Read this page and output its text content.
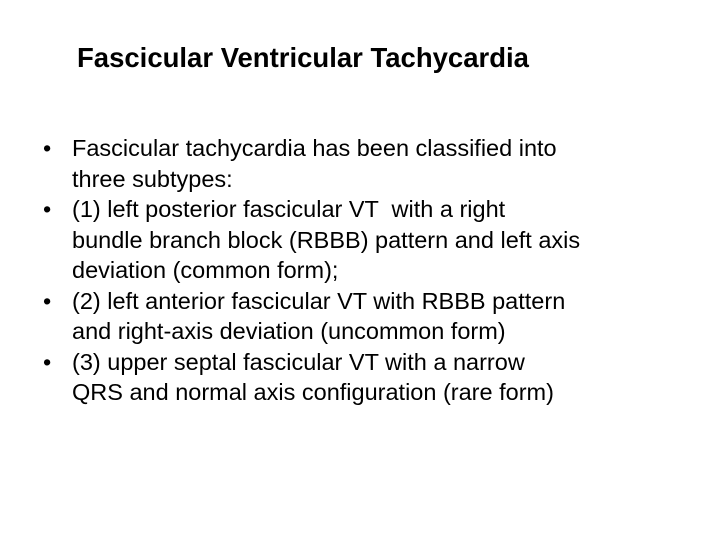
Fascicular Ventricular Tachycardia
• Fascicular tachycardia has been classified into
three subtypes:
• (1) left posterior fascicular VT  with a right
bundle branch block (RBBB) pattern and left axis
deviation (common form);
• (2) left anterior fascicular VT with RBBB pattern
and right-axis deviation (uncommon form)
• (3) upper septal fascicular VT with a narrow
QRS and normal axis configuration (rare form)
